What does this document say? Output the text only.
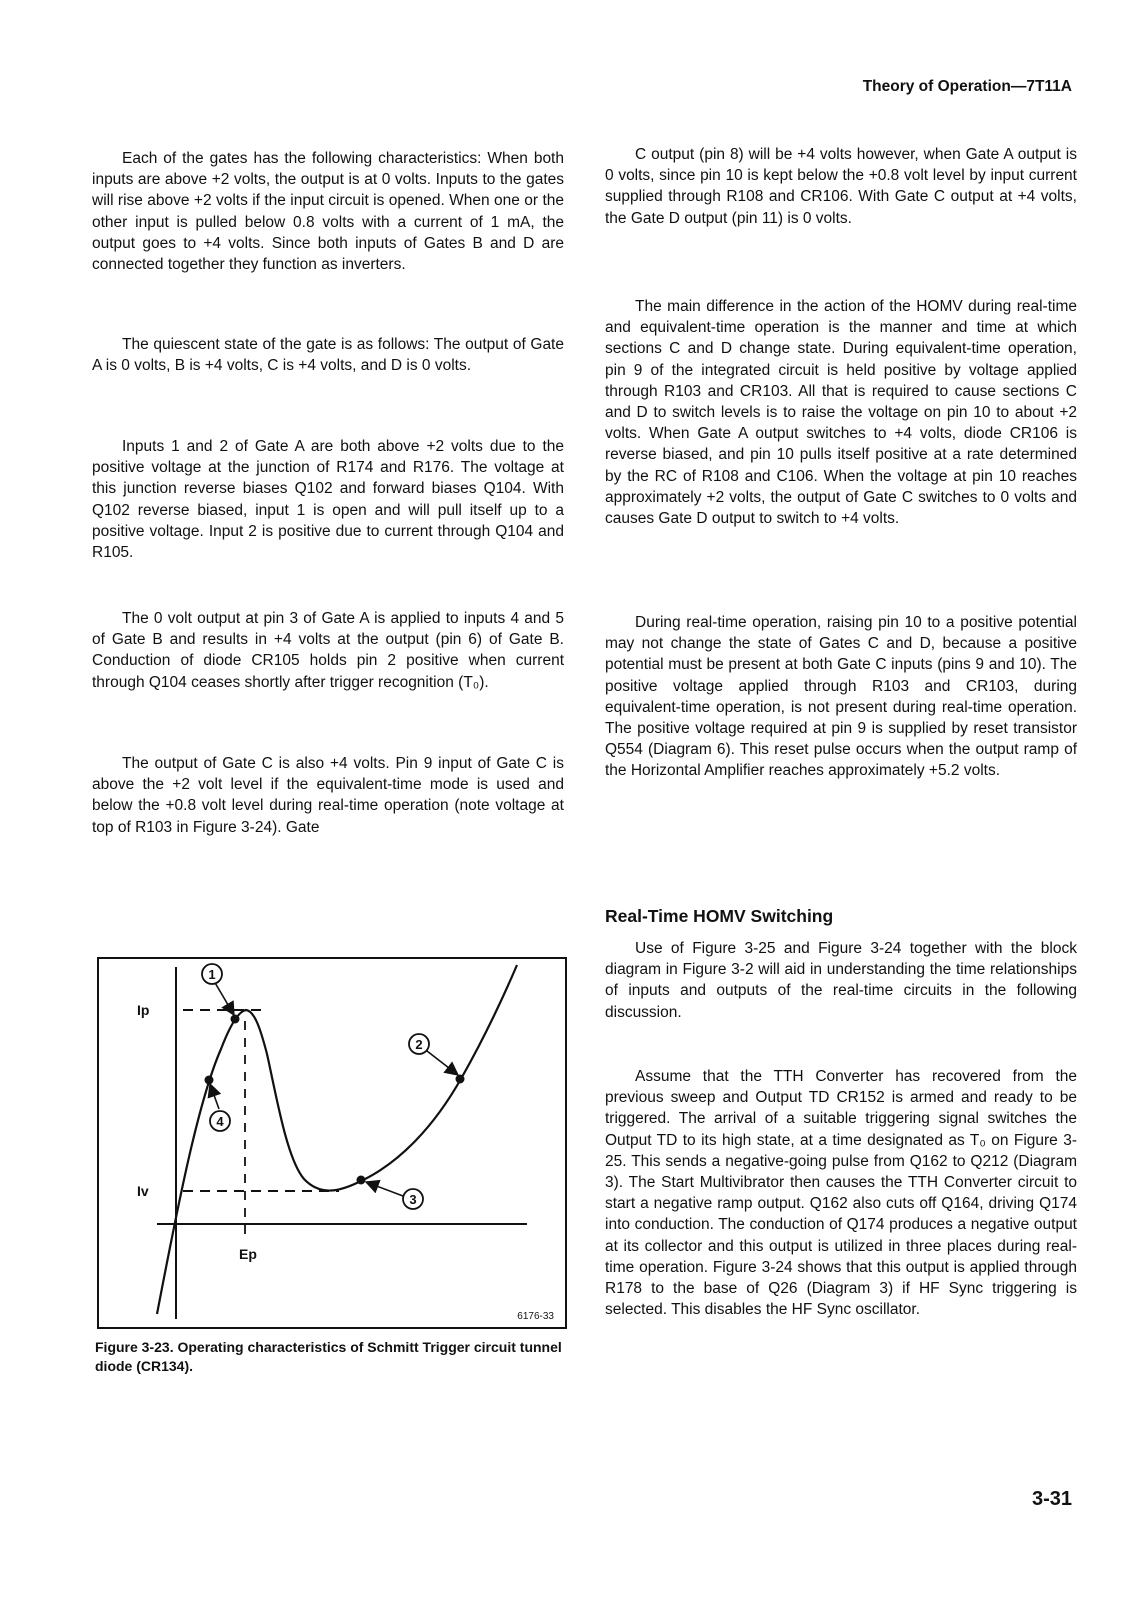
Theory of Operation—7T11A

Each of the gates has the following characteristics: When both inputs are above +2 volts, the output is at 0 volts. Inputs to the gates will rise above +2 volts if the input circuit is opened. When one or the other input is pulled below 0.8 volts with a current of 1 mA, the output goes to +4 volts. Since both inputs of Gates B and D are connected together they function as inverters.

The quiescent state of the gate is as follows: The output of Gate A is 0 volts, B is +4 volts, C is +4 volts, and D is 0 volts.

Inputs 1 and 2 of Gate A are both above +2 volts due to the positive voltage at the junction of R174 and R176. The voltage at this junction reverse biases Q102 and forward biases Q104. With Q102 reverse biased, input 1 is open and will pull itself up to a positive voltage. Input 2 is positive due to current through Q104 and R105.

The 0 volt output at pin 3 of Gate A is applied to inputs 4 and 5 of Gate B and results in +4 volts at the output (pin 6) of Gate B. Conduction of diode CR105 holds pin 2 positive when current through Q104 ceases shortly after trigger recognition (T₀).

The output of Gate C is also +4 volts. Pin 9 input of Gate C is above the +2 volt level if the equivalent-time mode is used and below the +0.8 volt level during real-time operation (note voltage at top of R103 in Figure 3-24). Gate

C output (pin 8) will be +4 volts however, when Gate A output is 0 volts, since pin 10 is kept below the +0.8 volt level by input current supplied through R108 and CR106. With Gate C output at +4 volts, the Gate D output (pin 11) is 0 volts.

The main difference in the action of the HOMV during real-time and equivalent-time operation is the manner and time at which sections C and D change state. During equivalent-time operation, pin 9 of the integrated circuit is held positive by voltage applied through R103 and CR103. All that is required to cause sections C and D to switch levels is to raise the voltage on pin 10 to about +2 volts. When Gate A output switches to +4 volts, diode CR106 is reverse biased, and pin 10 pulls itself positive at a rate determined by the RC of R108 and C106. When the voltage at pin 10 reaches approximately +2 volts, the output of Gate C switches to 0 volts and causes Gate D output to switch to +4 volts.

During real-time operation, raising pin 10 to a positive potential may not change the state of Gates C and D, because a positive potential must be present at both Gate C inputs (pins 9 and 10). The positive voltage applied through R103 and CR103, during equivalent-time operation, is not present during real-time operation. The positive voltage required at pin 9 is supplied by reset transistor Q554 (Diagram 6). This reset pulse occurs when the output ramp of the Horizontal Amplifier reaches approximately +5.2 volts.

Real-Time HOMV Switching

Use of Figure 3-25 and Figure 3-24 together with the block diagram in Figure 3-2 will aid in understanding the time relationships of inputs and outputs of the real-time circuits in the following discussion.

Assume that the TTH Converter has recovered from the previous sweep and Output TD CR152 is armed and ready to be triggered. The arrival of a suitable triggering signal switches the Output TD to its high state, at a time designated as T₀ on Figure 3-25. This sends a negative-going pulse from Q162 to Q212 (Diagram 3). The Start Multivibrator then causes the TTH Converter circuit to start a negative ramp output. Q162 also cuts off Q164, driving Q174 into conduction. The conduction of Q174 produces a negative output at its collector and this output is utilized in three places during real-time operation. Figure 3-24 shows that this output is applied through R178 to the base of Q26 (Diagram 3) if HF Sync triggering is selected. This disables the HF Sync oscillator.

1
2
3
4
Ip
Iv
Ep
6176-33

Figure 3-23. Operating characteristics of Schmitt Trigger circuit tunnel diode (CR134).

3-31
